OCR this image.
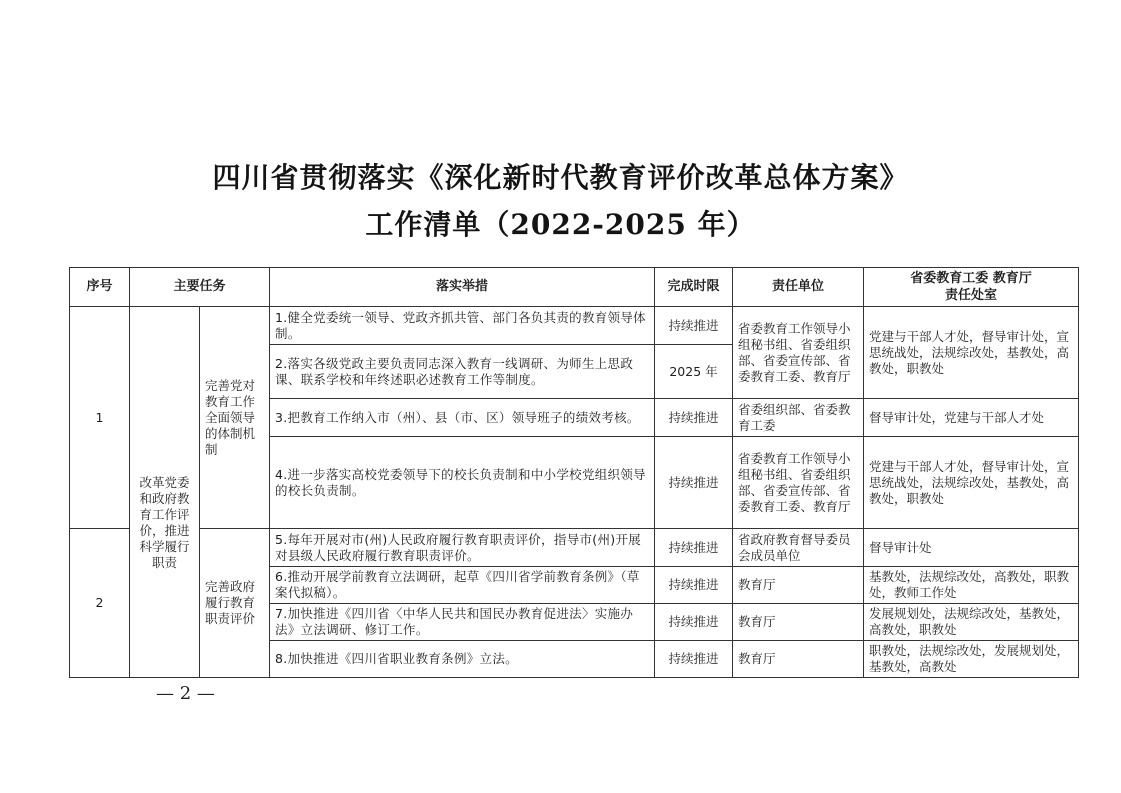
四川省贯彻落实《深化新时代教育评价改革总体方案》
工作清单（2022-2025 年）
序号	主要任务		落实举措	完成时限	责任单位	省委教育工委 教育厅
责任处室
1	改革党委和政府教育工作评价，推进科学履行职责	完善党对教育工作全面领导的体制机制	1.健全党委统一领导、党政齐抓共管、部门各负其责的教育领导体制。	持续推进	省委教育工作领导小组秘书组、省委组织部、省委宣传部、省委教育工委、教育厅	党建与干部人才处，督导审计处，宣思统战处，法规综改处，基教处，高教处，职教处
			2.落实各级党政主要负责同志深入教育一线调研、为师生上思政课、联系学校和年终述职必述教育工作等制度。	2025 年		
			3.把教育工作纳入市（州）、县（市、区）领导班子的绩效考核。	持续推进	省委组织部、省委教育工委	督导审计处，党建与干部人才处
			4.进一步落实高校党委领导下的校长负责制和中小学校党组织领导的校长负责制。	持续推进	省委教育工作领导小组秘书组、省委组织部、省委宣传部、省委教育工委、教育厅	党建与干部人才处，督导审计处，宣思统战处，法规综改处，基教处，高教处，职教处
2		完善政府履行教育职责评价	5.每年开展对市(州)人民政府履行教育职责评价，指导市(州)开展对县级人民政府履行教育职责评价。	持续推进	省政府教育督导委员会成员单位	督导审计处
			6.推动开展学前教育立法调研，起草《四川省学前教育条例》（草案代拟稿）。	持续推进	教育厅	基教处，法规综改处，高教处，职教处，教师工作处
			7.加快推进《四川省〈中华人民共和国民办教育促进法〉实施办法》立法调研、修订工作。	持续推进	教育厅	发展规划处，法规综改处，基教处，高教处，职教处
			8.加快推进《四川省职业教育条例》立法。	持续推进	教育厅	职教处，法规综改处，发展规划处，基教处，高教处
— 2 —
